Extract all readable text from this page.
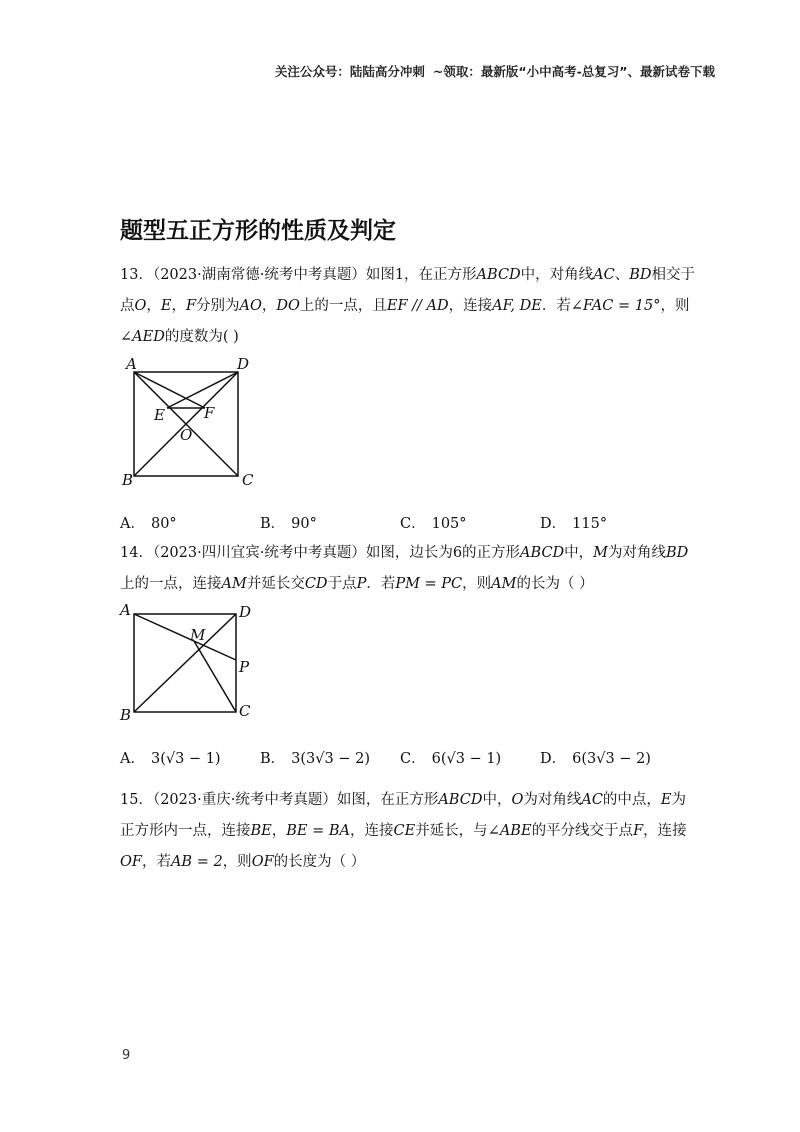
关注公众号：陆陆高分冲刺 ~领取：最新版“小中高考-总复习”、最新试卷下载
题型五正方形的性质及判定
13．（2023·湖南常德·统考中考真题）如图1，在正方形ABCD中，对角线AC、BD相交于
点O，E，F分别为AO，DO上的一点，且EF // AD，连接AF, DE．若∠FAC = 15°，则
∠AED的度数为( )
A	D
E	F
O
B	C
A． 80°	B． 90°	C． 105°	D． 115°
14．（2023·四川宜宾·统考中考真题）如图，边长为6的正方形ABCD中，M为对角线BD
上的一点，连接AM并延长交CD于点P．若PM = PC，则AM的长为（ ）
A	D
M
P
B	C
A． 3(√3 − 1)	B． 3(3√3 − 2) C． 6(√3 − 1)	D． 6(3√3 − 2)
15．（2023·重庆·统考中考真题）如图，在正方形ABCD中，O为对角线AC的中点，E为
正方形内一点，连接BE，BE = BA，连接CE并延长，与∠ABE的平分线交于点F，连接
OF，若AB = 2，则OF的长度为（ ）
9
